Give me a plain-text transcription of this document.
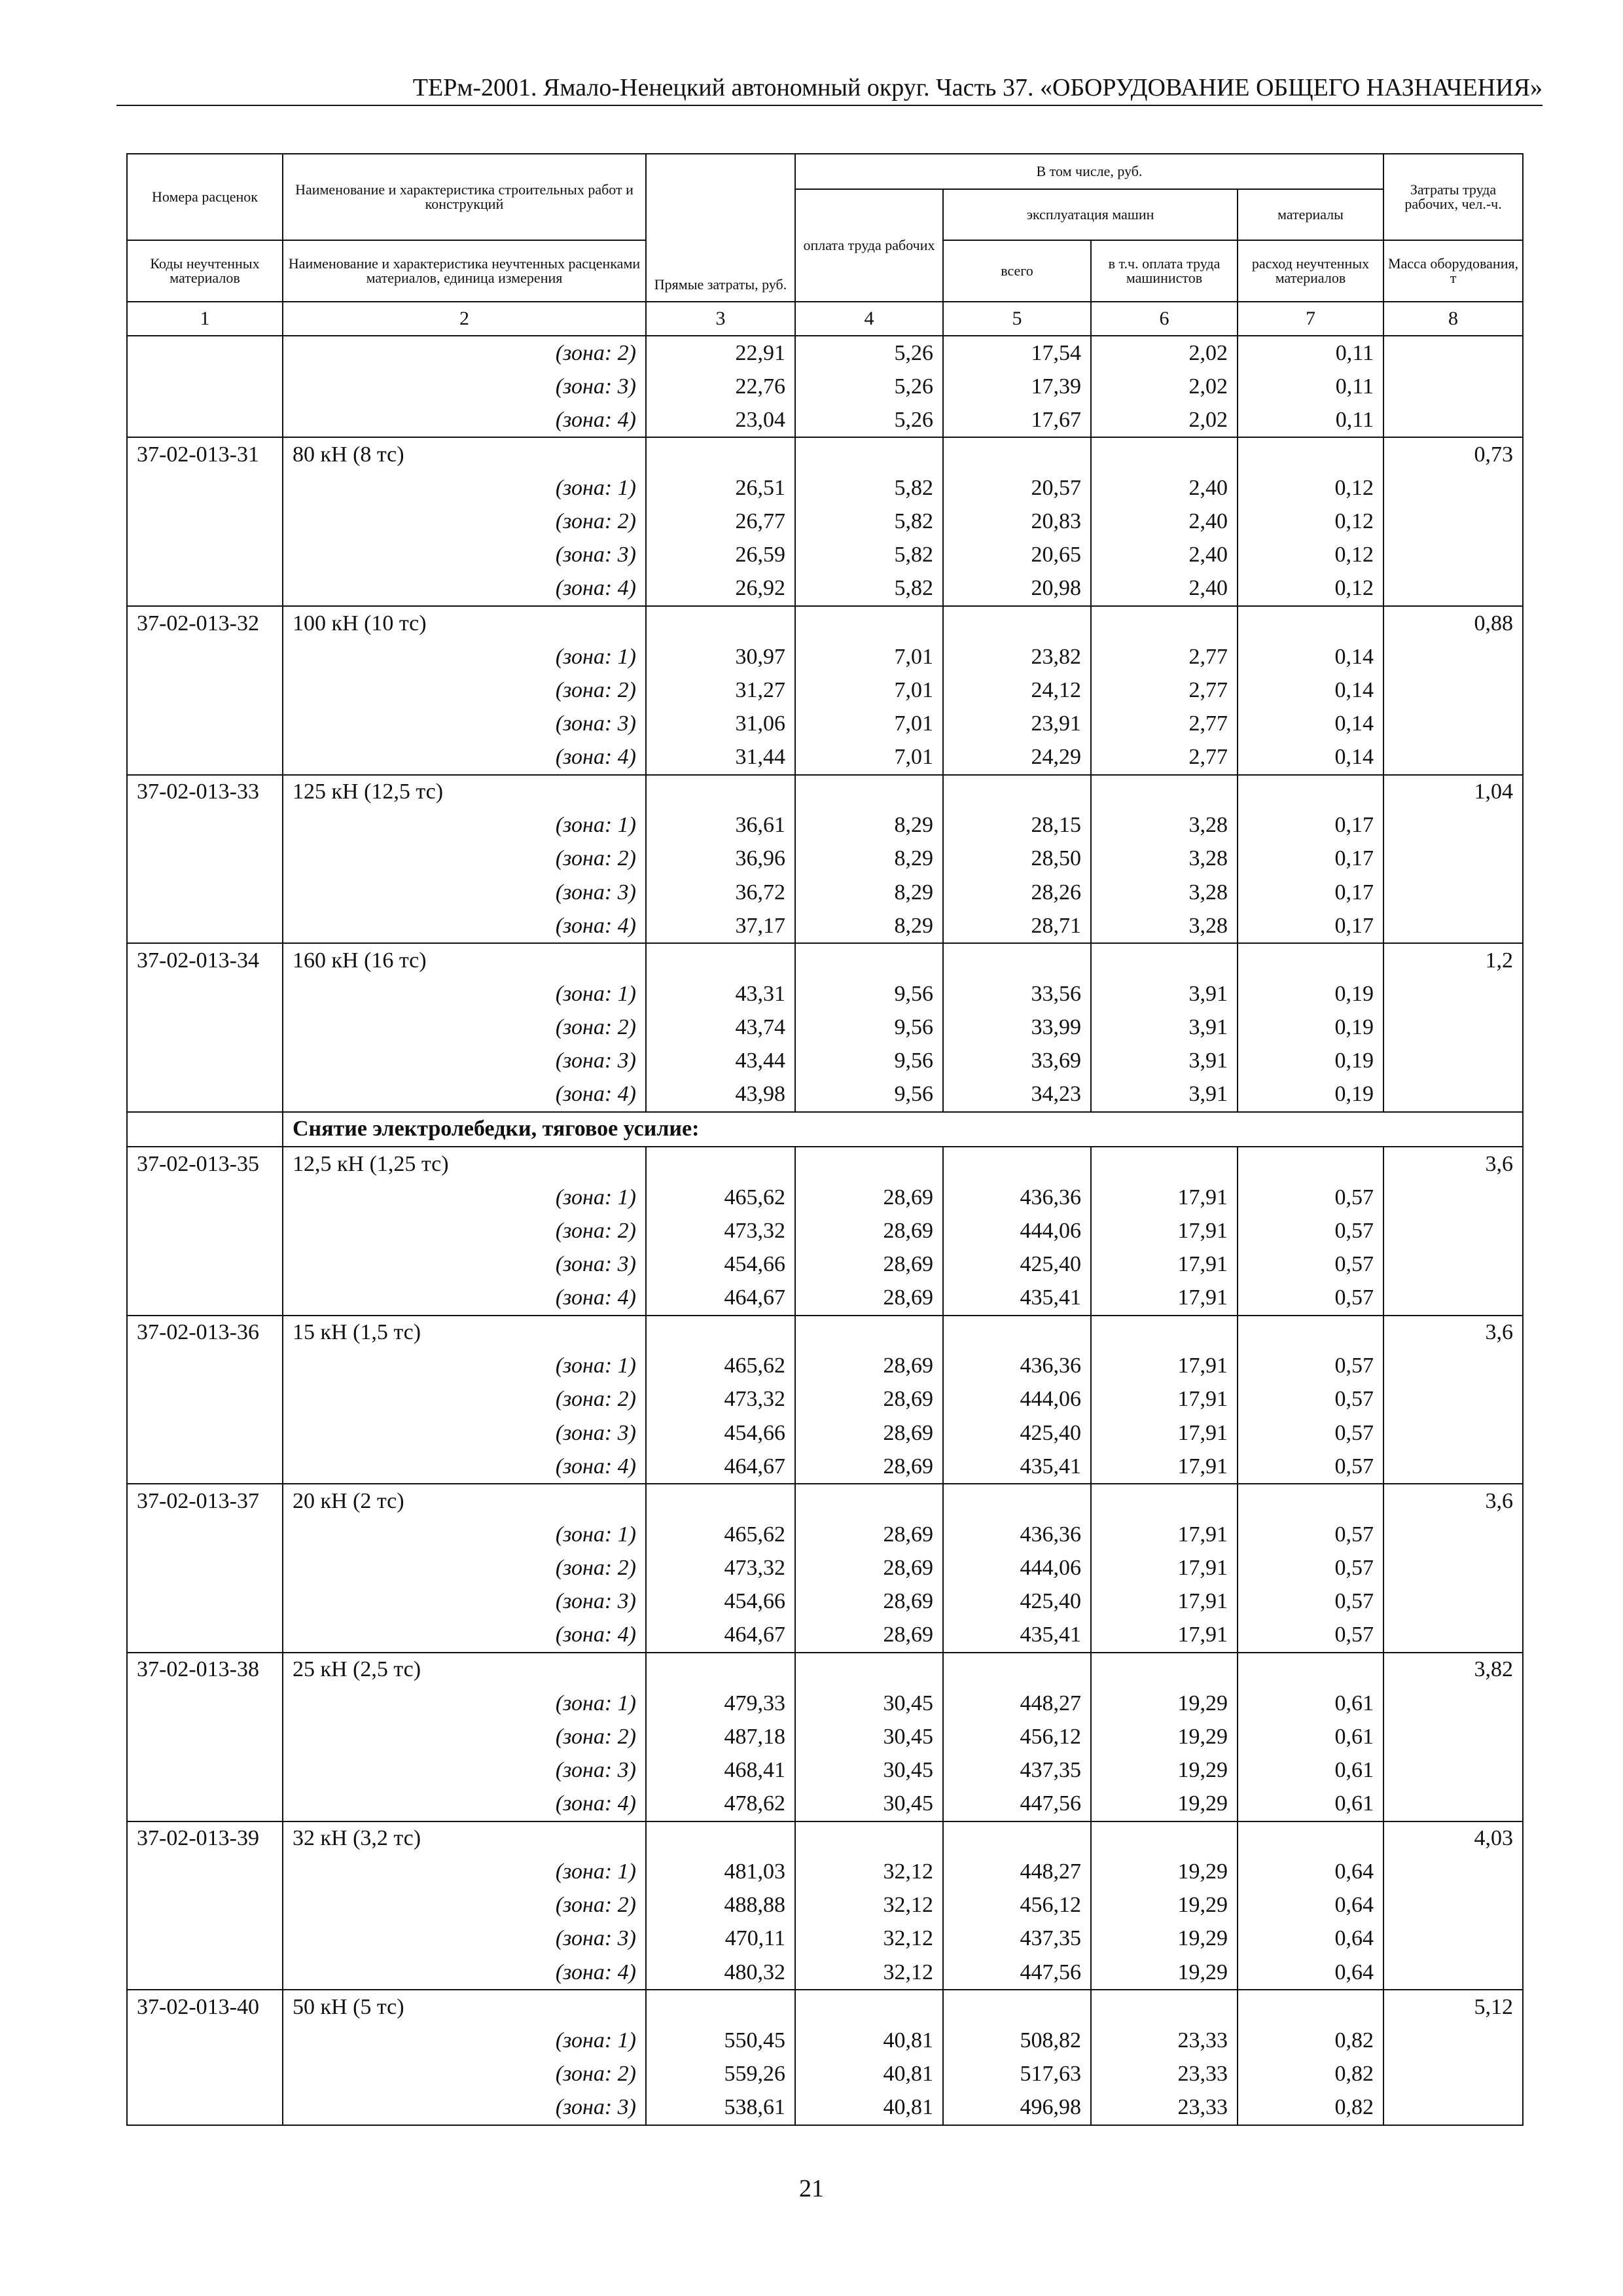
ТЕРм-2001. Ямало-Ненецкий автономный округ. Часть 37. «ОБОРУДОВАНИЕ ОБЩЕГО НАЗНАЧЕНИЯ»
Номера расценок	Наименование и характеристика строительных работ и конструкций	Прямые затраты, руб.	В том числе, руб.				Затраты труда рабочих, чел.-ч.
			оплата труда рабочих	эксплуатация машин		материалы	
Коды неучтенных материалов	Наименование и характеристика неучтенных расценками материалов, единица измерения			всего	в т.ч. оплата труда машинистов	расход неучтенных материалов	Масса оборудования, т
1	2	3	4	5	6	7	8
	(зона: 2)	22,91	5,26	17,54	2,02	0,11	
	(зона: 3)	22,76	5,26	17,39	2,02	0,11	
	(зона: 4)	23,04	5,26	17,67	2,02	0,11	
37-02-013-31	80 кН (8 тс)						0,73
	(зона: 1)	26,51	5,82	20,57	2,40	0,12	
	(зона: 2)	26,77	5,82	20,83	2,40	0,12	
	(зона: 3)	26,59	5,82	20,65	2,40	0,12	
	(зона: 4)	26,92	5,82	20,98	2,40	0,12	
37-02-013-32	100 кН (10 тс)						0,88
	(зона: 1)	30,97	7,01	23,82	2,77	0,14	
	(зона: 2)	31,27	7,01	24,12	2,77	0,14	
	(зона: 3)	31,06	7,01	23,91	2,77	0,14	
	(зона: 4)	31,44	7,01	24,29	2,77	0,14	
37-02-013-33	125 кН (12,5 тс)						1,04
	(зона: 1)	36,61	8,29	28,15	3,28	0,17	
	(зона: 2)	36,96	8,29	28,50	3,28	0,17	
	(зона: 3)	36,72	8,29	28,26	3,28	0,17	
	(зона: 4)	37,17	8,29	28,71	3,28	0,17	
37-02-013-34	160 кН (16 тс)						1,2
	(зона: 1)	43,31	9,56	33,56	3,91	0,19	
	(зона: 2)	43,74	9,56	33,99	3,91	0,19	
	(зона: 3)	43,44	9,56	33,69	3,91	0,19	
	(зона: 4)	43,98	9,56	34,23	3,91	0,19	
	Снятие электролебедки, тяговое усилие:						
37-02-013-35	12,5 кН (1,25 тс)						3,6
	(зона: 1)	465,62	28,69	436,36	17,91	0,57	
	(зона: 2)	473,32	28,69	444,06	17,91	0,57	
	(зона: 3)	454,66	28,69	425,40	17,91	0,57	
	(зона: 4)	464,67	28,69	435,41	17,91	0,57	
37-02-013-36	15 кН (1,5 тс)						3,6
	(зона: 1)	465,62	28,69	436,36	17,91	0,57	
	(зона: 2)	473,32	28,69	444,06	17,91	0,57	
	(зона: 3)	454,66	28,69	425,40	17,91	0,57	
	(зона: 4)	464,67	28,69	435,41	17,91	0,57	
37-02-013-37	20 кН (2 тс)						3,6
	(зона: 1)	465,62	28,69	436,36	17,91	0,57	
	(зона: 2)	473,32	28,69	444,06	17,91	0,57	
	(зона: 3)	454,66	28,69	425,40	17,91	0,57	
	(зона: 4)	464,67	28,69	435,41	17,91	0,57	
37-02-013-38	25 кН (2,5 тс)						3,82
	(зона: 1)	479,33	30,45	448,27	19,29	0,61	
	(зона: 2)	487,18	30,45	456,12	19,29	0,61	
	(зона: 3)	468,41	30,45	437,35	19,29	0,61	
	(зона: 4)	478,62	30,45	447,56	19,29	0,61	
37-02-013-39	32 кН (3,2 тс)						4,03
	(зона: 1)	481,03	32,12	448,27	19,29	0,64	
	(зона: 2)	488,88	32,12	456,12	19,29	0,64	
	(зона: 3)	470,11	32,12	437,35	19,29	0,64	
	(зона: 4)	480,32	32,12	447,56	19,29	0,64	
37-02-013-40	50 кН (5 тс)						5,12
	(зона: 1)	550,45	40,81	508,82	23,33	0,82	
	(зона: 2)	559,26	40,81	517,63	23,33	0,82	
	(зона: 3)	538,61	40,81	496,98	23,33	0,82	
21
